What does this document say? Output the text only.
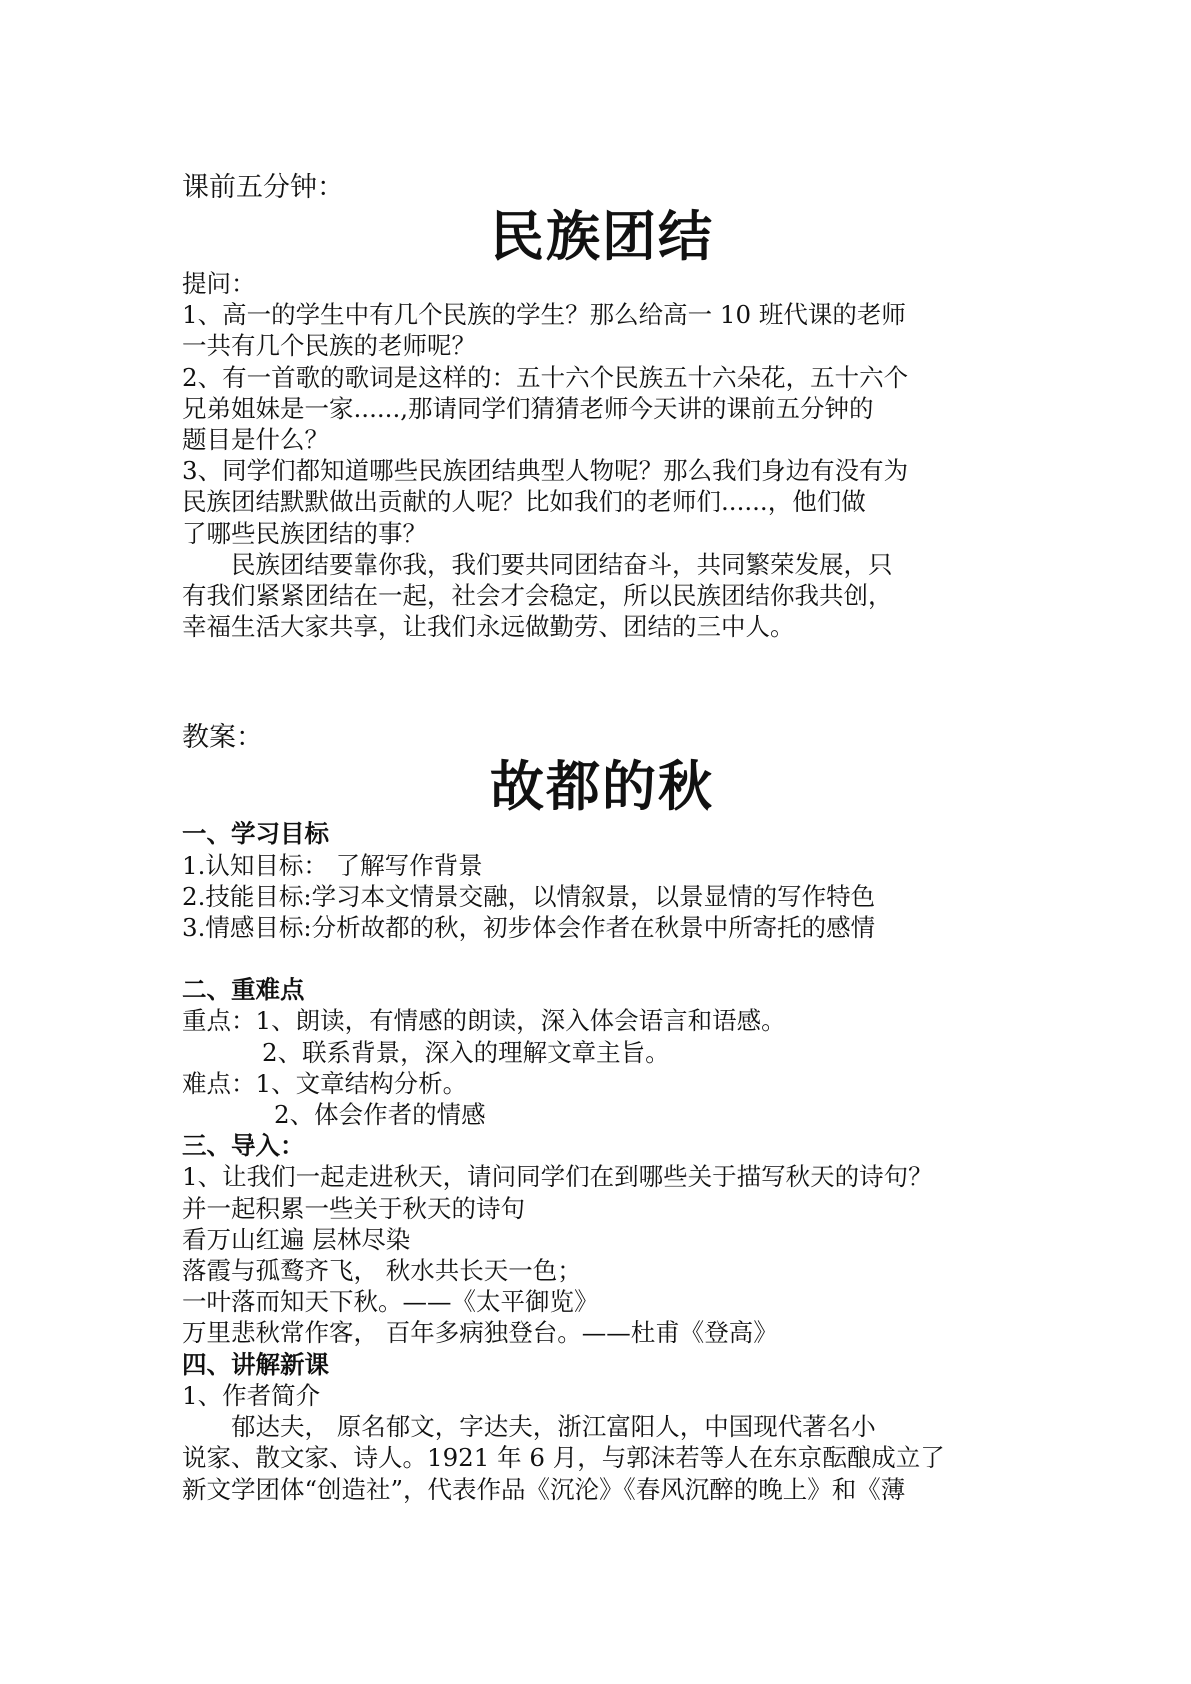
课前五分钟：
民族团结
提问：
1、高一的学生中有几个民族的学生？那么给高一 10 班代课的老师
一共有几个民族的老师呢？
2、有一首歌的歌词是这样的：五十六个民族五十六朵花，五十六个
兄弟姐妹是一家......,那请同学们猜猜老师今天讲的课前五分钟的
题目是什么？
3、同学们都知道哪些民族团结典型人物呢？那么我们身边有没有为
民族团结默默做出贡献的人呢？比如我们的老师们......，他们做
了哪些民族团结的事？
民族团结要靠你我，我们要共同团结奋斗，共同繁荣发展，只
有我们紧紧团结在一起，社会才会稳定，所以民族团结你我共创，
幸福生活大家共享，让我们永远做勤劳、团结的三中人。
教案：
故都的秋
一、学习目标
1.认知目标： 了解写作背景
2.技能目标:学习本文情景交融，以情叙景，以景显情的写作特色
3.情感目标:分析故都的秋，初步体会作者在秋景中所寄托的感情
二、重难点
重点：1、朗读，有情感的朗读，深入体会语言和语感。
2、联系背景，深入的理解文章主旨。
难点：1、文章结构分析。
2、体会作者的情感
三、导入：
1、让我们一起走进秋天，请问同学们在到哪些关于描写秋天的诗句？
并一起积累一些关于秋天的诗句
看万山红遍 层林尽染
落霞与孤鹜齐飞， 秋水共长天一色；
一叶落而知天下秋。——《太平御览》
万里悲秋常作客， 百年多病独登台。——杜甫《登高》
四、讲解新课
1、作者简介
郁达夫， 原名郁文，字达夫，浙江富阳人，中国现代著名小
说家、散文家、诗人。1921 年 6 月，与郭沫若等人在东京酝酿成立了
新文学团体“创造社”，代表作品《沉沦》《春风沉醉的晚上》和《薄
